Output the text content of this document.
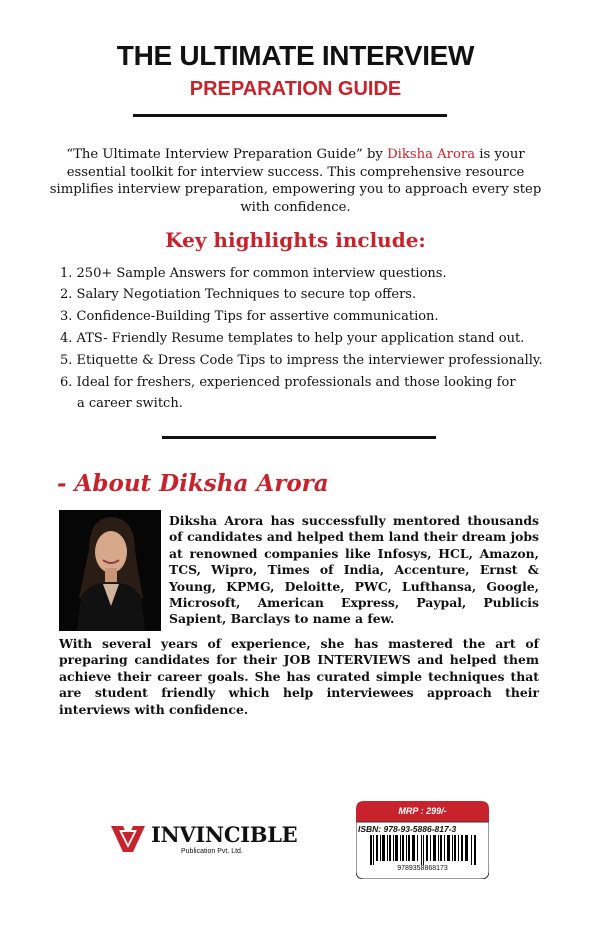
THE ULTIMATE INTERVIEW
PREPARATION GUIDE
“The Ultimate Interview Preparation Guide” by Diksha Arora is your essential toolkit for interview success. This comprehensive resource simplifies interview preparation, empowering you to approach every step with confidence.
Key highlights include:
1. 250+ Sample Answers for common interview questions.
2. Salary Negotiation Techniques to secure top offers.
3. Confidence-Building Tips for assertive communication.
4. ATS- Friendly Resume templates to help your application stand out.
5. Etiquette & Dress Code Tips to impress the interviewer professionally.
6. Ideal for freshers, experienced professionals and those looking for
a career switch.
- About Diksha Arora
Diksha Arora has successfully mentored thousands of candidates and helped them land their dream jobs at renowned companies like Infosys, HCL, Amazon, TCS, Wipro, Times of India, Accenture, Ernst & Young, KPMG, Deloitte, PWC, Lufthansa, Google, Microsoft, American Express, Paypal, Publicis Sapient, Barclays to name a few.
With several years of experience, she has mastered the art of preparing candidates for their JOB INTERVIEWS and helped them achieve their career goals. She has curated simple techniques that are student friendly which help interviewees approach their interviews with confidence.
INVINCIBLE
Publication Pvt. Ltd.
MRP : 299/-
ISBN: 978-93-5886-817-3
9789358868173
